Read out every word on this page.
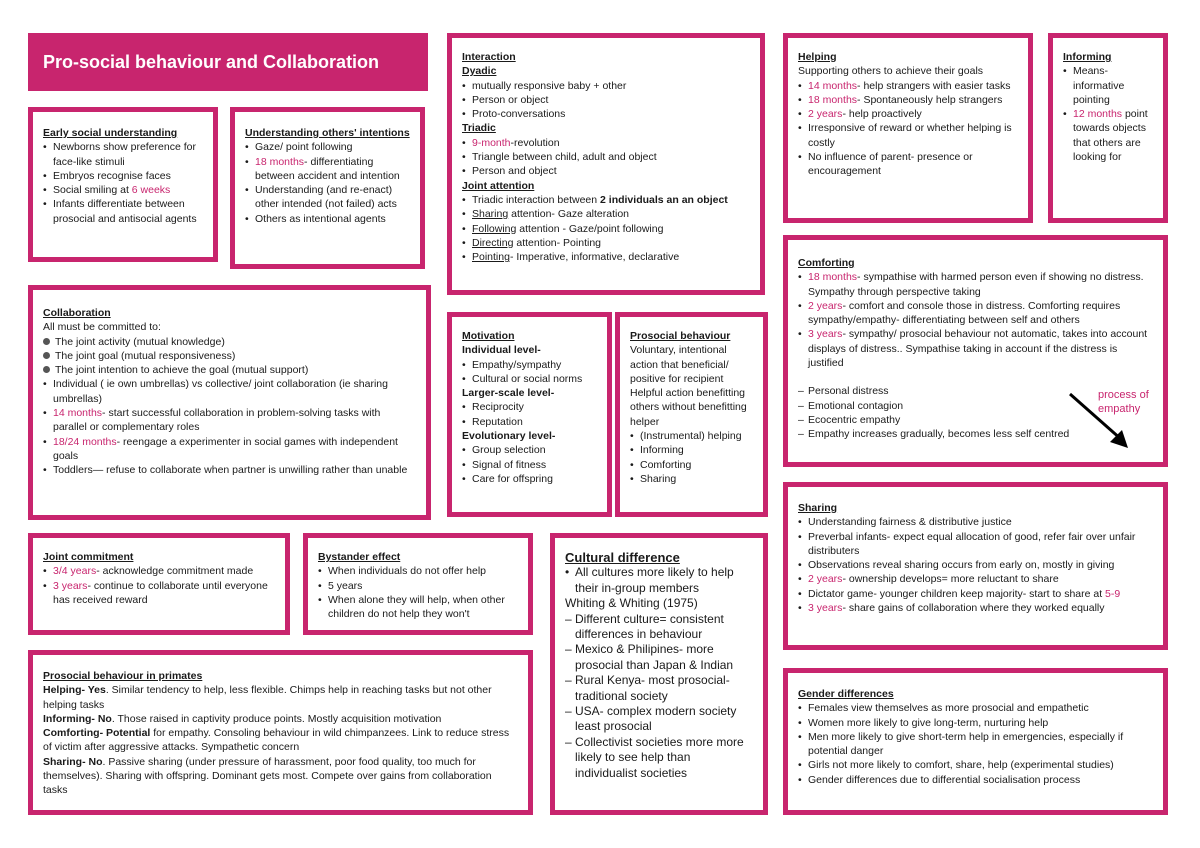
Pro-social behaviour and Collaboration
Early social understanding
• Newborns show preference for face-like stimuli
• Embryos recognise faces
• Social smiling at 6 weeks
• Infants differentiate between prosocial and antisocial agents
Understanding others' intentions
• Gaze/ point following
• 18 months- differentiating between accident and intention
• Understanding (and re-enact) other intended (not failed) acts
• Others as intentional agents
Collaboration

All must be committed to:

The joint activity (mutual knowledge)
The joint goal (mutual responsiveness)
The joint intention to achieve the goal (mutual support)
• Individual ( ie own umbrellas) vs collective/ joint collaboration (ie sharing umbrellas)
• 14 months- start successful collaboration in problem-solving tasks with parallel or complementary roles
• 18/24 months- reengage a experimenter in social games with independent goals
• Toddlers— refuse to collaborate when partner is unwilling rather than unable
Interaction
Dyadic
• mutually responsive baby + other
• Person or object
• Proto-conversations
Triadic
• 9-month-revolution
• Triangle between child, adult and object
• Person and object
Joint attention
• Triadic interaction between 2 individuals an an object
• Sharing attention- Gaze alteration
• Following attention - Gaze/point following
• Directing attention- Pointing
• Pointing- Imperative, informative, declarative
Motivation
Individual level-
• Empathy/sympathy
• Cultural or social norms
Larger-scale level-
• Reciprocity
• Reputation
Evolutionary level-
• Group selection
• Signal of fitness
• Care for offspring
Prosocial behaviour

Voluntary, intentional action that beneficial/ positive for recipient Helpful action benefitting others without benefitting helper

• (Instrumental) helping
• Informing
• Comforting
• Sharing
Helping

Supporting others to achieve their goals

• 14 months- help strangers with easier tasks
• 18 months- Spontaneously help strangers
• 2 years- help proactively
• Irresponsive of reward or whether helping is costly
• No influence of parent- presence or encouragement
Informing
• Means- informative pointing
• 12 months point towards objects that others are looking for
Comforting
• 18 months- sympathise with harmed person even if showing no distress. Sympathy through perspective taking
• 2 years- comfort and console those in distress. Comforting requires sympathy/empathy- differentiating between self and others
• 3 years- sympathy/ prosocial behaviour not automatic, takes into account displays of distress.. Sympathise taking in account if the distress is justified
– Personal distress
– Emotional contagion
– Ecocentric empathy
– Empathy increases gradually, becomes less self centred
process of empathy
Joint commitment
• 3/4 years- acknowledge commitment made
• 3 years- continue to collaborate until everyone has received reward
Bystander effect
• When individuals do not offer help
• 5 years
• When alone they will help, when other children do not help they won't
Cultural difference
• All cultures more likely to help their in-group members

Whiting & Whiting (1975)

– Different culture= consistent differences in behaviour
– Mexico & Philipines- more prosocial than Japan & Indian
– Rural Kenya- most prosocial- traditional society
– USA- complex modern society least prosocial
– Collectivist societies more more likely to see help than individualist societies
Sharing
• Understanding fairness & distributive justice
• Preverbal infants- expect equal allocation of good, refer fair over unfair distributers
• Observations reveal sharing occurs from early on, mostly in giving
• 2 years- ownership develops= more reluctant to share
• Dictator game- younger children keep majority- start to share at 5-9
• 3 years- share gains of collaboration where they worked equally
Prosocial behaviour in primates

Helping- Yes. Similar tendency to help, less flexible. Chimps help in reaching tasks but not other helping tasks

Informing- No. Those raised in captivity produce points. Mostly acquisition motivation

Comforting- Potential for empathy. Consoling behaviour in wild chimpanzees. Link to reduce stress of victim after aggressive attacks. Sympathetic concern

Sharing- No. Passive sharing (under pressure of harassment, poor food quality, too much for themselves). Sharing with offspring. Dominant gets most. Compete over gains from collaboration tasks

Gender differences
• Females view themselves as more prosocial and empathetic
• Women more likely to give long-term, nurturing help
• Men more likely to give short-term help in emergencies, especially if potential danger
• Girls not more likely to comfort, share, help (experimental studies)
• Gender differences due to differential socialisation process
